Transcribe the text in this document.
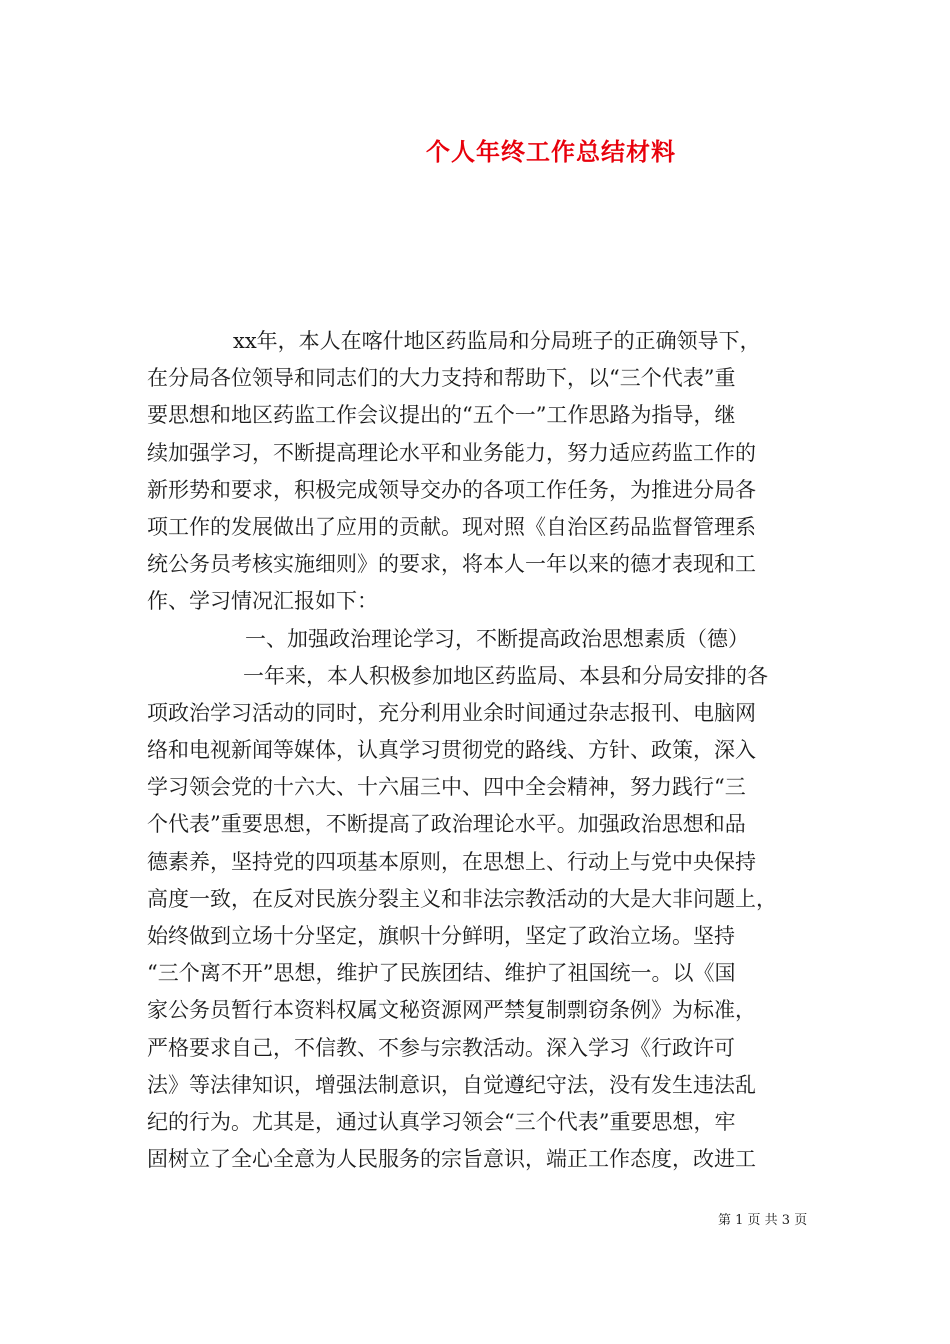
个人年终工作总结材料
xx年，本人在喀什地区药监局和分局班子的正确领导下，
在分局各位领导和同志们的大力支持和帮助下，以“三个代表”重
要思想和地区药监工作会议提出的“五个一”工作思路为指导，继
续加强学习，不断提高理论水平和业务能力，努力适应药监工作的
新形势和要求，积极完成领导交办的各项工作任务，为推进分局各
项工作的发展做出了应用的贡献。现对照《自治区药品监督管理系
统公务员考核实施细则》的要求，将本人一年以来的德才表现和工
作、学习情况汇报如下：
一、加强政治理论学习，不断提高政治思想素质（德）
一年来，本人积极参加地区药监局、本县和分局安排的各
项政治学习活动的同时，充分利用业余时间通过杂志报刊、电脑网
络和电视新闻等媒体，认真学习贯彻党的路线、方针、政策，深入
学习领会党的十六大、十六届三中、四中全会精神，努力践行“三
个代表”重要思想，不断提高了政治理论水平。加强政治思想和品
德素养，坚持党的四项基本原则，在思想上、行动上与党中央保持
高度一致，在反对民族分裂主义和非法宗教活动的大是大非问题上，
始终做到立场十分坚定，旗帜十分鲜明，坚定了政治立场。坚持
“三个离不开”思想，维护了民族团结、维护了祖国统一。以《国
家公务员暂行本资料权属文秘资源网严禁复制剽窃条例》为标准，
严格要求自己，不信教、不参与宗教活动。深入学习《行政许可
法》等法律知识，增强法制意识，自觉遵纪守法，没有发生违法乱
纪的行为。尤其是，通过认真学习领会“三个代表”重要思想，牢
固树立了全心全意为人民服务的宗旨意识，端正工作态度，改进工
第 1 页 共 3 页
